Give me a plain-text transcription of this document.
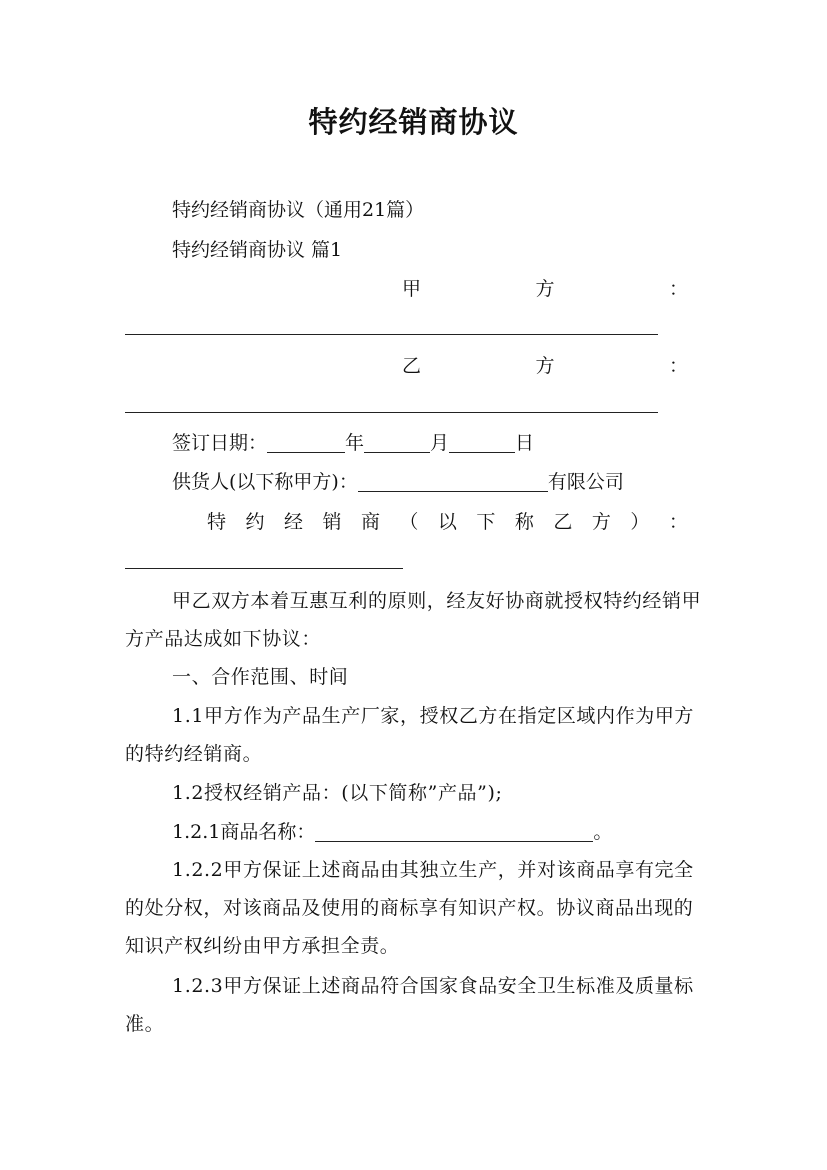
特约经销商协议
特约经销商协议（通用21篇）
特约经销商协议 篇1
甲	方	：
乙	方	：
签订日期：	年	月	日
供货人(以下称甲方)：	有限公司
特 约 经 销 商 （ 以 下 称 乙 方 ） ：

甲乙双方本着互惠互利的原则，经友好协商就授权特约经销甲方产品达成如下协议：

一、合作范围、时间

1.1甲方作为产品生产厂家，授权乙方在指定区域内作为甲方的特约经销商。

1.2授权经销产品：(以下简称”产品”);

1.2.1商品名称：	。

1.2.2甲方保证上述商品由其独立生产，并对该商品享有完全的处分权，对该商品及使用的商标享有知识产权。协议商品出现的知识产权纠纷由甲方承担全责。

1.2.3甲方保证上述商品符合国家食品安全卫生标准及质量标准。
